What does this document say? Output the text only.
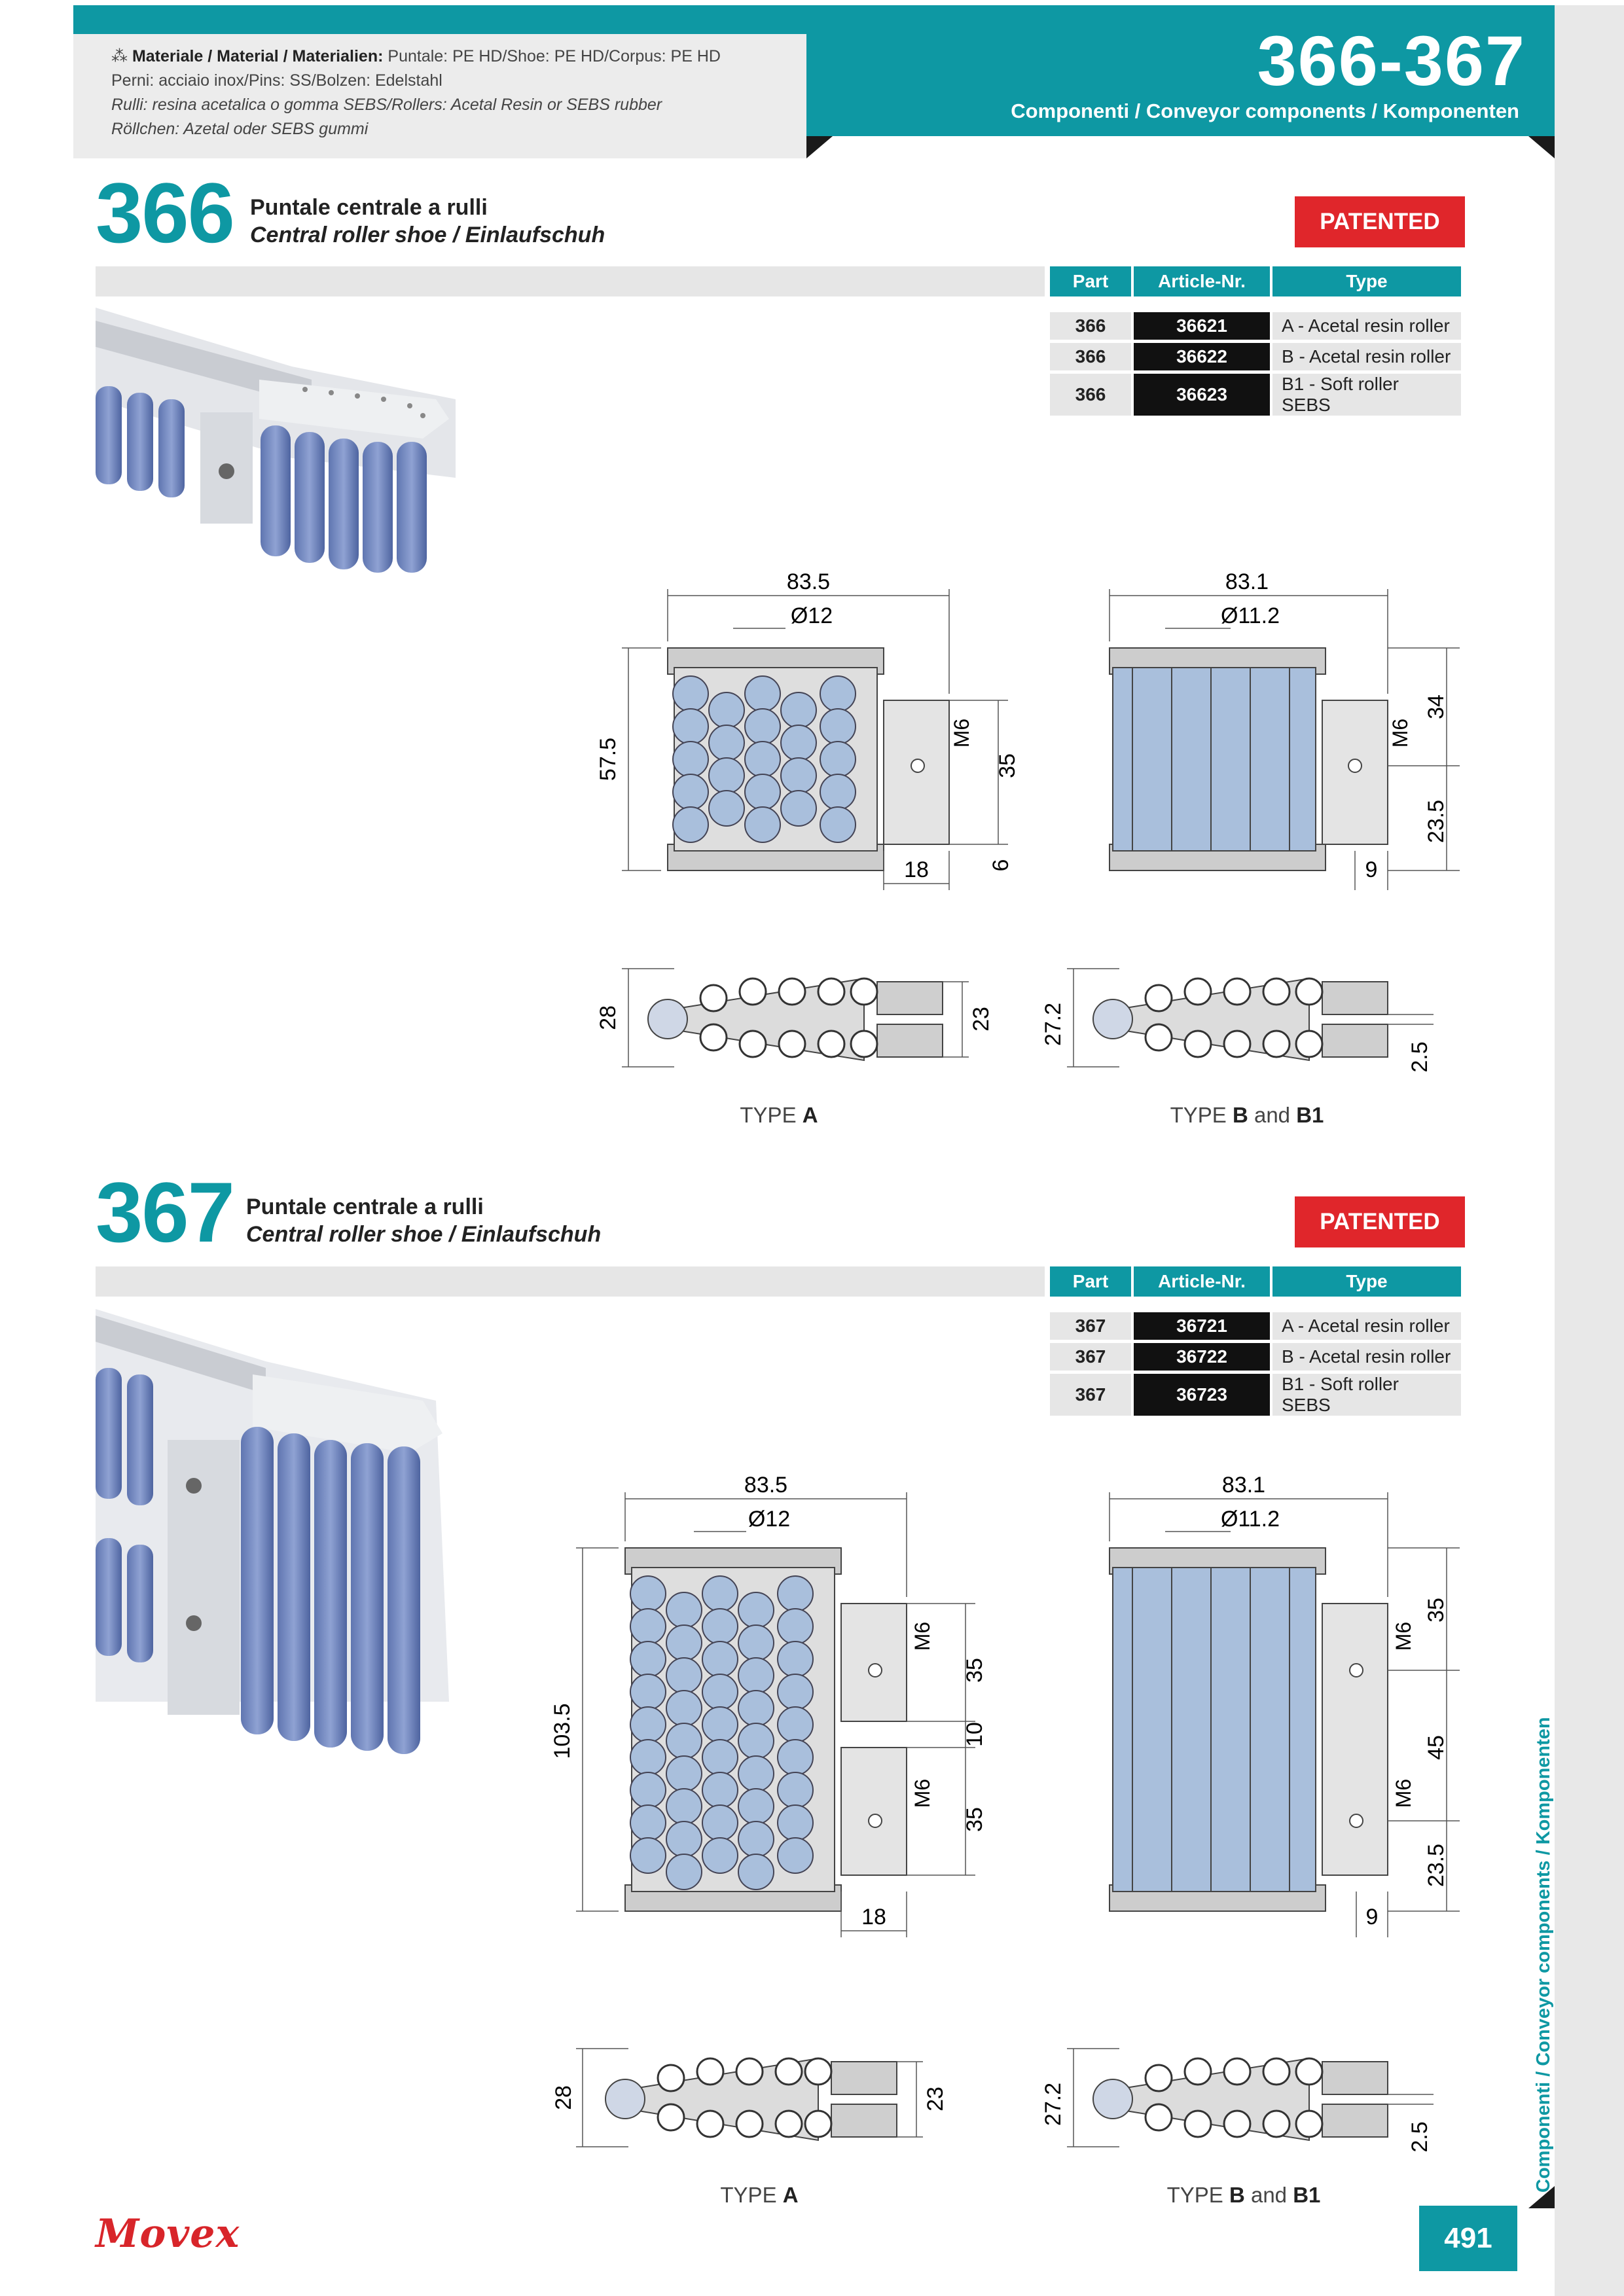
⁂ Materiale / Material / Materialien: Puntale: PE HD/Shoe: PE HD/Corpus: PE HD
Perni: acciaio inox/Pins: SS/Bolzen: Edelstahl
Rulli: resina acetalica o gomma SEBS/Rollers: Acetal Resin or SEBS rubber
Röllchen: Azetal oder SEBS gummi
366-367
Componenti / Conveyor components / Komponenten
Componenti / Conveyor components / Komponenten
366 Puntale centrale a rulli
Central roller shoe / Einlaufschuh
PATENTED
Part	Article-Nr.	Type

366	36621	A - Acetal resin roller
366	36622	B - Acetal resin roller
366	36623	B1 - Soft roller SEBS
83.5
Ø12
57.5
M6
35
18	6
83.1
Ø11.2
M6
34
23.5
9
28	23
TYPE A
27.2
2.5
TYPE B and B1
367 Puntale centrale a rulli
Central roller shoe / Einlaufschuh	PATENTED
Part	Article-Nr.	Type

367	36721	A - Acetal resin roller
367	36722	B - Acetal resin roller
367	36723	B1 - Soft roller SEBS
83.5
Ø12
103.5
M6
M6
35
10
35
18
83.1
Ø11.2
M6
M6
35
45
23.5
9
28	23
TYPE A
27.2
2.5
TYPE B and B1
Movex	491
